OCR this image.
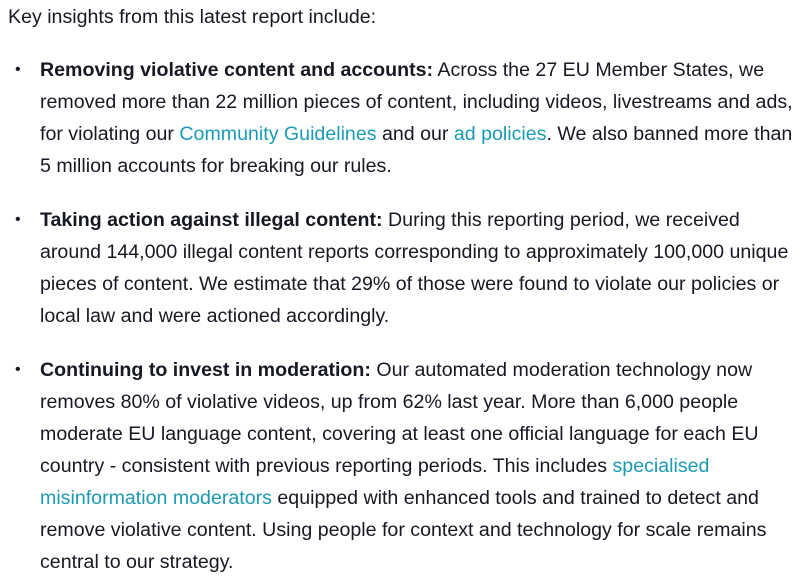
Key insights from this latest report include:

• Removing violative content and accounts: Across the 27 EU Member States, we removed more than 22 million pieces of content, including videos, livestreams and ads, for violating our Community Guidelines and our ad policies. We also banned more than 5 million accounts for breaking our rules.
• Taking action against illegal content: During this reporting period, we received around 144,000 illegal content reports corresponding to approximately 100,000 unique pieces of content. We estimate that 29% of those were found to violate our policies or local law and were actioned accordingly.
• Continuing to invest in moderation: Our automated moderation technology now removes 80% of violative videos, up from 62% last year. More than 6,000 people moderate EU language content, covering at least one official language for each EU country - consistent with previous reporting periods. This includes specialised misinformation moderators equipped with enhanced tools and trained to detect and remove violative content. Using people for context and technology for scale remains central to our strategy.
